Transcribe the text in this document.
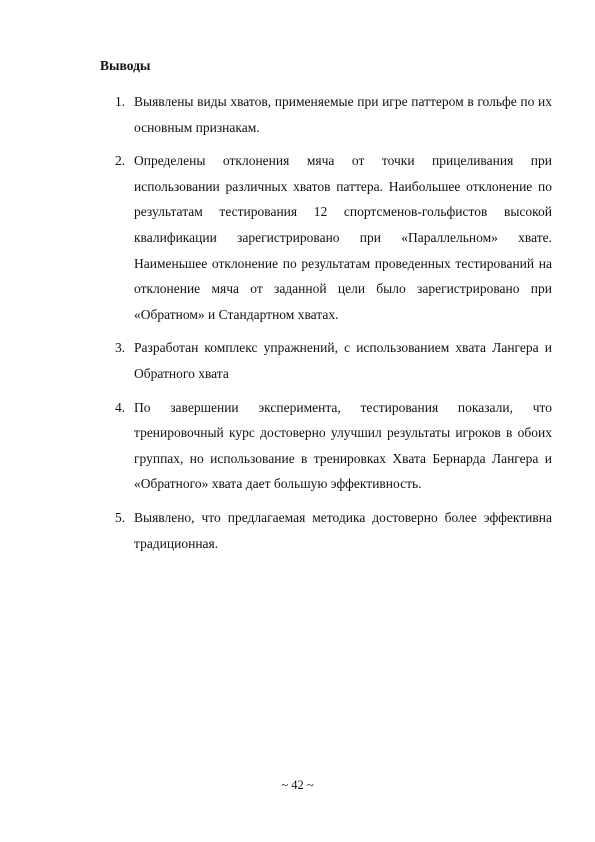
Выводы
1. Выявлены виды хватов, применяемые при игре паттером в гольфе по их основным признакам.
2. Определены отклонения мяча от точки прицеливания при использовании различных хватов паттера. Наибольшее отклонение по результатам тестирования 12 спортсменов-гольфистов высокой квалификации зарегистрировано при «Параллельном» хвате. Наименьшее отклонение по результатам проведенных тестирований на отклонение мяча от заданной цели было зарегистрировано при «Обратном» и Стандартном хватах.
3. Разработан комплекс упражнений, с использованием хвата Лангера и Обратного хвата
4. По завершении эксперимента, тестирования показали, что тренировочный курс достоверно улучшил результаты игроков в обоих группах, но использование в тренировках Хвата Бернарда Лангера и «Обратного» хвата дает большую эффективность.
5. Выявлено, что предлагаемая методика достоверно более эффективна традиционная.
~ 42 ~
